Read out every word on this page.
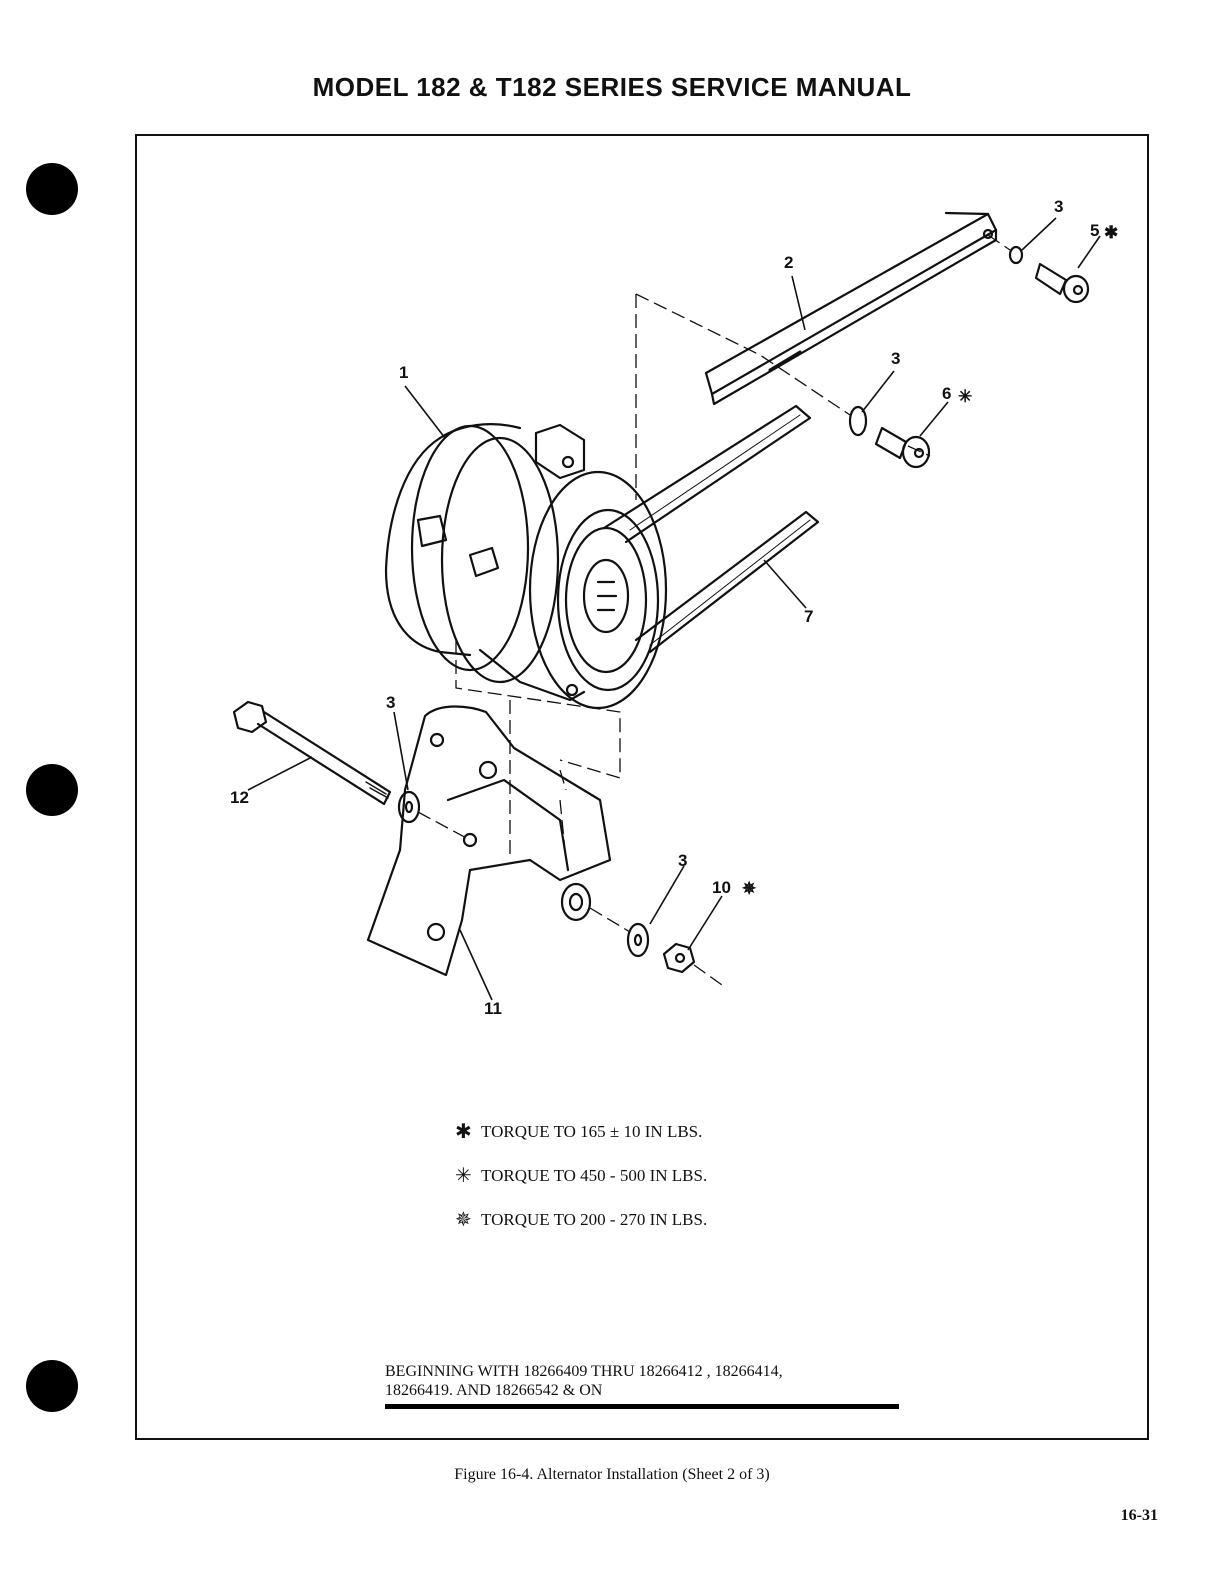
MODEL 182 & T182 SERIES SERVICE MANUAL
1
2
3
5
3
6
7
3
12
3
10
11
✱
✳
✵
✱ TORQUE TO 165 ± 10 IN LBS.
✳ TORQUE TO 450 - 500 IN LBS.
✵ TORQUE TO 200 - 270 IN LBS.
BEGINNING WITH 18266409 THRU 18266412 , 18266414,
18266419. AND 18266542 & ON
Figure 16-4. Alternator Installation (Sheet 2 of 3)
16-31
